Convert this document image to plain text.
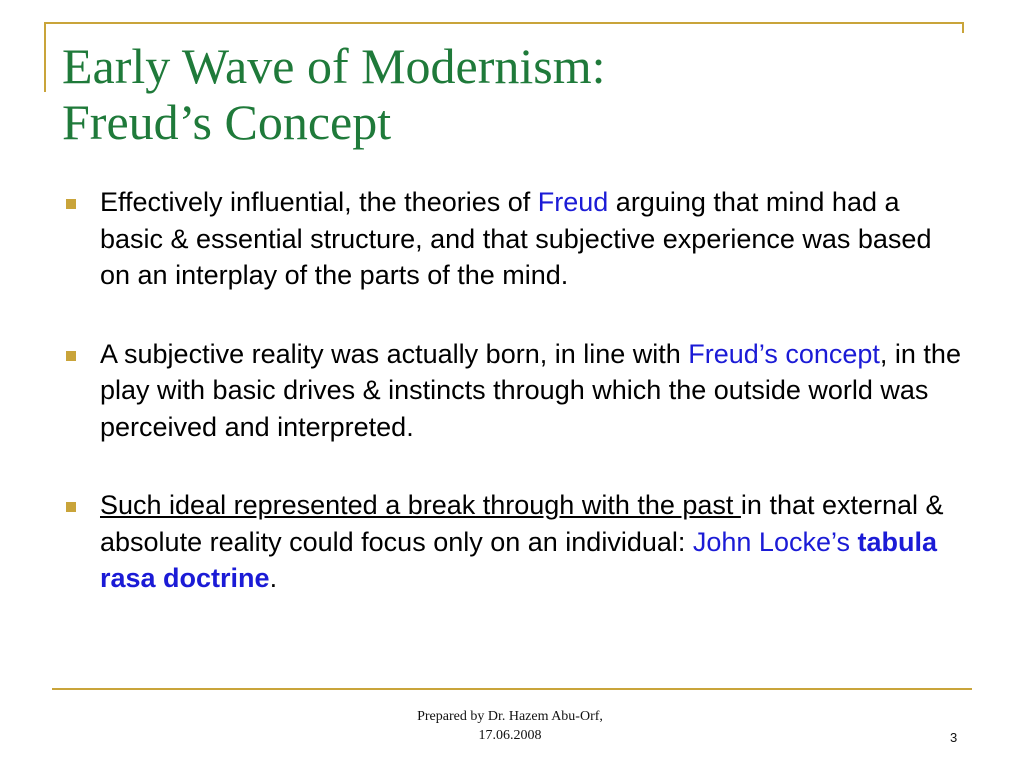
Early Wave of Modernism:
Freud’s Concept
Effectively influential, the theories of Freud arguing that mind had a basic & essential structure, and that subjective experience was based on an interplay of the parts of the mind.
A subjective reality was actually born, in line with Freud’s concept, in the play with basic drives & instincts through which the outside world was perceived and interpreted.
Such ideal represented a break through with the past in that external & absolute reality could focus only on an individual: John Locke’s tabula rasa doctrine.
Prepared by Dr. Hazem Abu-Orf,
17.06.2008	3
